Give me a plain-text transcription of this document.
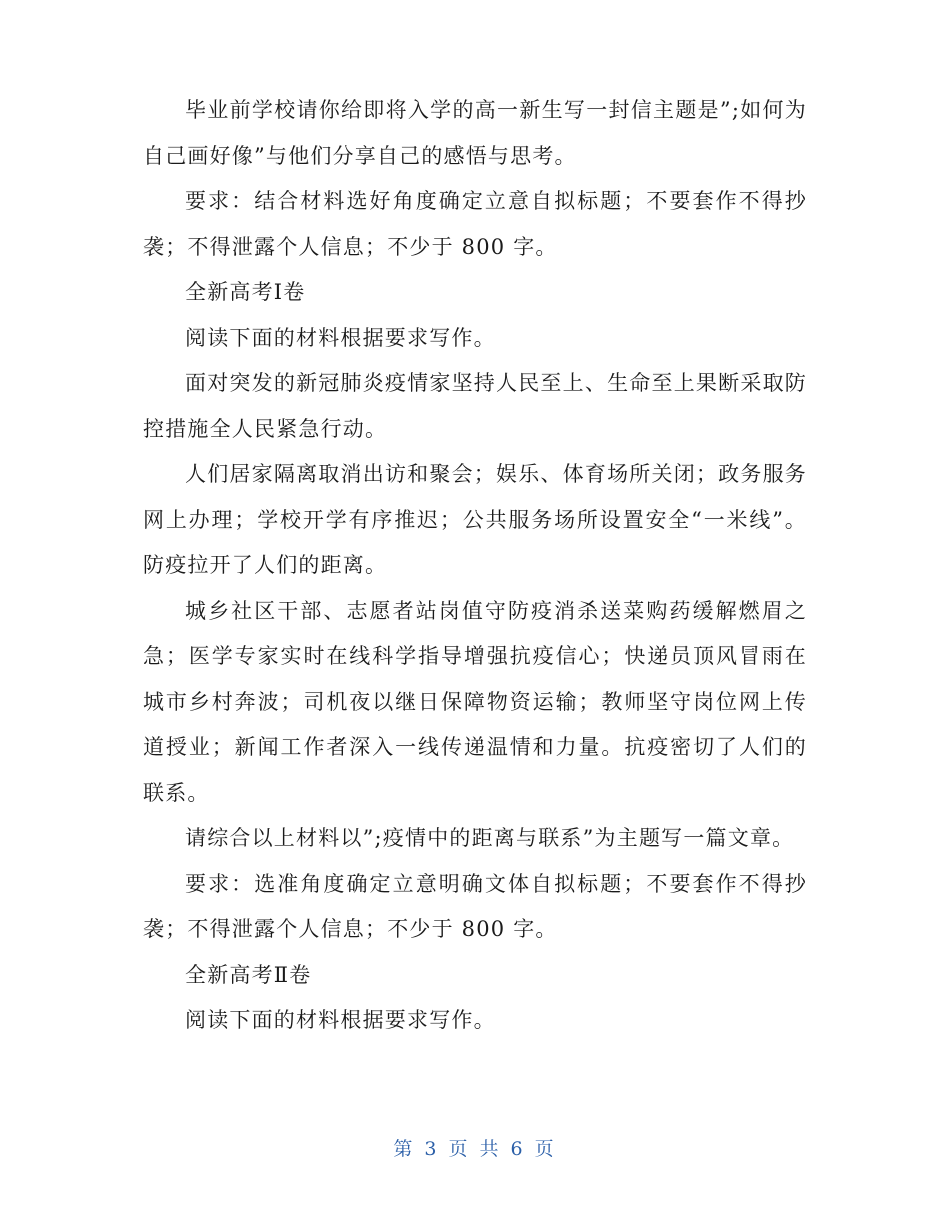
毕业前学校请你给即将入学的高一新生写一封信主题是”;如何为自己画好像”与他们分享自己的感悟与思考。

要求：结合材料选好角度确定立意自拟标题；不要套作不得抄袭；不得泄露个人信息；不少于 800 字。

全新高考Ⅰ卷

阅读下面的材料根据要求写作。

面对突发的新冠肺炎疫情家坚持人民至上、生命至上果断采取防控措施全人民紧急行动。

人们居家隔离取消出访和聚会；娱乐、体育场所关闭；政务服务网上办理；学校开学有序推迟；公共服务场所设置安全“一米线”。防疫拉开了人们的距离。

城乡社区干部、志愿者站岗值守防疫消杀送菜购药缓解燃眉之急；医学专家实时在线科学指导增强抗疫信心；快递员顶风冒雨在城市乡村奔波；司机夜以继日保障物资运输；教师坚守岗位网上传道授业；新闻工作者深入一线传递温情和力量。抗疫密切了人们的联系。

请综合以上材料以”;疫情中的距离与联系”为主题写一篇文章。

要求：选准角度确定立意明确文体自拟标题；不要套作不得抄袭；不得泄露个人信息；不少于 800 字。

全新高考Ⅱ卷

阅读下面的材料根据要求写作。

第 3 页 共 6 页
